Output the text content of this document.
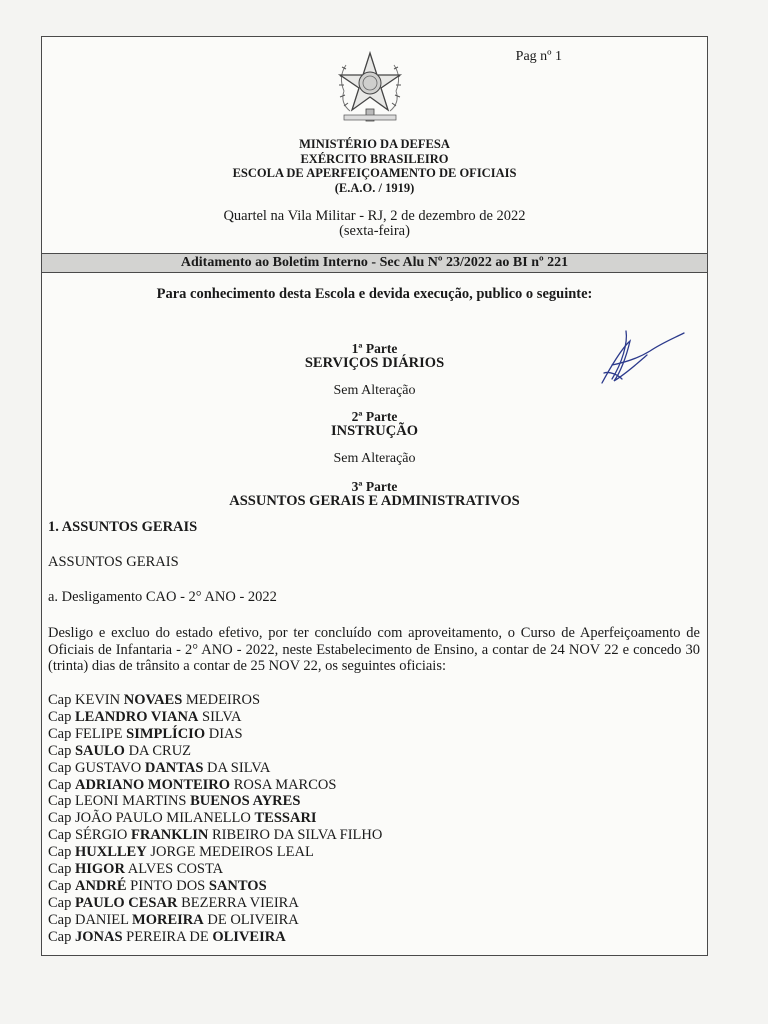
Pag nº 1
MINISTÉRIO DA DEFESA
EXÉRCITO BRASILEIRO
ESCOLA DE APERFEIÇOAMENTO DE OFICIAIS
(E.A.O. / 1919)
Quartel na Vila Militar - RJ, 2 de dezembro de 2022
(sexta-feira)
Aditamento ao Boletim Interno - Sec Alu Nº 23/2022 ao BI nº 221
Para conhecimento desta Escola e devida execução, publico o seguinte:
1ª Parte
SERVIÇOS DIÁRIOS
Sem Alteração
2ª Parte
INSTRUÇÃO
Sem Alteração
3ª Parte
ASSUNTOS GERAIS E ADMINISTRATIVOS
1. ASSUNTOS GERAIS
ASSUNTOS GERAIS
a. Desligamento CAO - 2° ANO - 2022
Desligo e excluo do estado efetivo, por ter concluído com aproveitamento, o Curso de Aperfeiçoamento de Oficiais de Infantaria - 2° ANO - 2022, neste Estabelecimento de Ensino, a contar de 24 NOV 22 e concedo 30 (trinta) dias de trânsito a contar de 25 NOV 22, os seguintes oficiais:
Cap KEVIN NOVAES MEDEIROS
Cap LEANDRO VIANA SILVA
Cap FELIPE SIMPLÍCIO DIAS
Cap SAULO DA CRUZ
Cap GUSTAVO DANTAS DA SILVA
Cap ADRIANO MONTEIRO ROSA MARCOS
Cap LEONI MARTINS BUENOS AYRES
Cap JOÃO PAULO MILANELLO TESSARI
Cap SÉRGIO FRANKLIN RIBEIRO DA SILVA FILHO
Cap HUXLLEY JORGE MEDEIROS LEAL
Cap HIGOR ALVES COSTA
Cap ANDRÉ PINTO DOS SANTOS
Cap PAULO CESAR BEZERRA VIEIRA
Cap DANIEL MOREIRA DE OLIVEIRA
Cap JONAS PEREIRA DE OLIVEIRA
